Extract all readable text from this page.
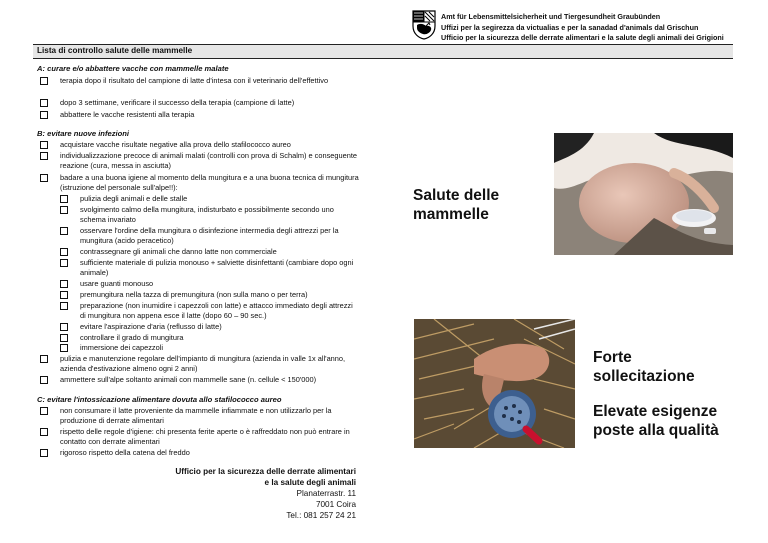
Amt für Lebensmittelsicherheit und Tiergesundheit Graubünden
Uffizi per la segirezza da victualias e per la sanadad d'animals dal Grischun
Ufficio per la sicurezza delle derrate alimentari e la salute degli animali dei Grigioni
Lista di controllo salute delle mammelle
A: curare e/o abbattere vacche con mammelle malate
terapia dopo il risultato del campione di latte d'intesa con il veterinario dell'effettivo
dopo 3 settimane, verificare il successo della terapia (campione di latte)
abbattere le vacche resistenti alla terapia
B: evitare nuove infezioni
acquistare vacche risultate negative alla prova dello stafilococco aureo
individualizzazione precoce di animali malati (controlli con prova di Schalm) e conseguente reazione (cura, messa in asciutta)
badare a una buona igiene al momento della mungitura e a una buona tecnica di mungitura (istruzione del personale sull'alpe!!):
pulizia degli animali e delle stalle
svolgimento calmo della mungitura, indisturbato e possibilmente secondo uno schema invariato
osservare l'ordine della mungitura o disinfezione intermedia degli attrezzi per la mungitura (acido peracetico)
contrassegnare gli animali che danno latte non commerciale
sufficiente materiale di pulizia monouso + salviette disinfettanti (cambiare dopo ogni animale)
usare guanti monouso
premungitura nella tazza di premungitura (non sulla mano o per terra)
preparazione (non inumidire i capezzoli con latte) e attacco immediato degli attrezzi di mungitura non appena esce il latte (dopo 60 – 90 sec.)
evitare l'aspirazione d'aria (reflusso di latte)
controllare il grado di mungitura
immersione dei capezzoli
pulizia e manutenzione regolare dell'impianto di mungitura (azienda in valle 1x all'anno, azienda d'estivazione almeno ogni 2 anni)
ammettere sull'alpe soltanto animali con mammelle sane (n. cellule < 150'000)
C: evitare l'intossicazione alimentare dovuta allo stafilococco aureo
non consumare il latte proveniente da mammelle infiammate e non utilizzarlo per la produzione di derrate alimentari
rispetto delle regole d'igiene: chi presenta ferite aperte o è raffreddato non può entrare in contatto con derrate alimentari
rigoroso rispetto della catena del freddo
Ufficio per la sicurezza delle derrate alimentari
e la salute degli animali
Planaterrastr. 11
7001 Coira
Tel.: 081 257 24 21
Salute delle mammelle
Forte sollecitazione
Elevate esigenze poste alla qualità
